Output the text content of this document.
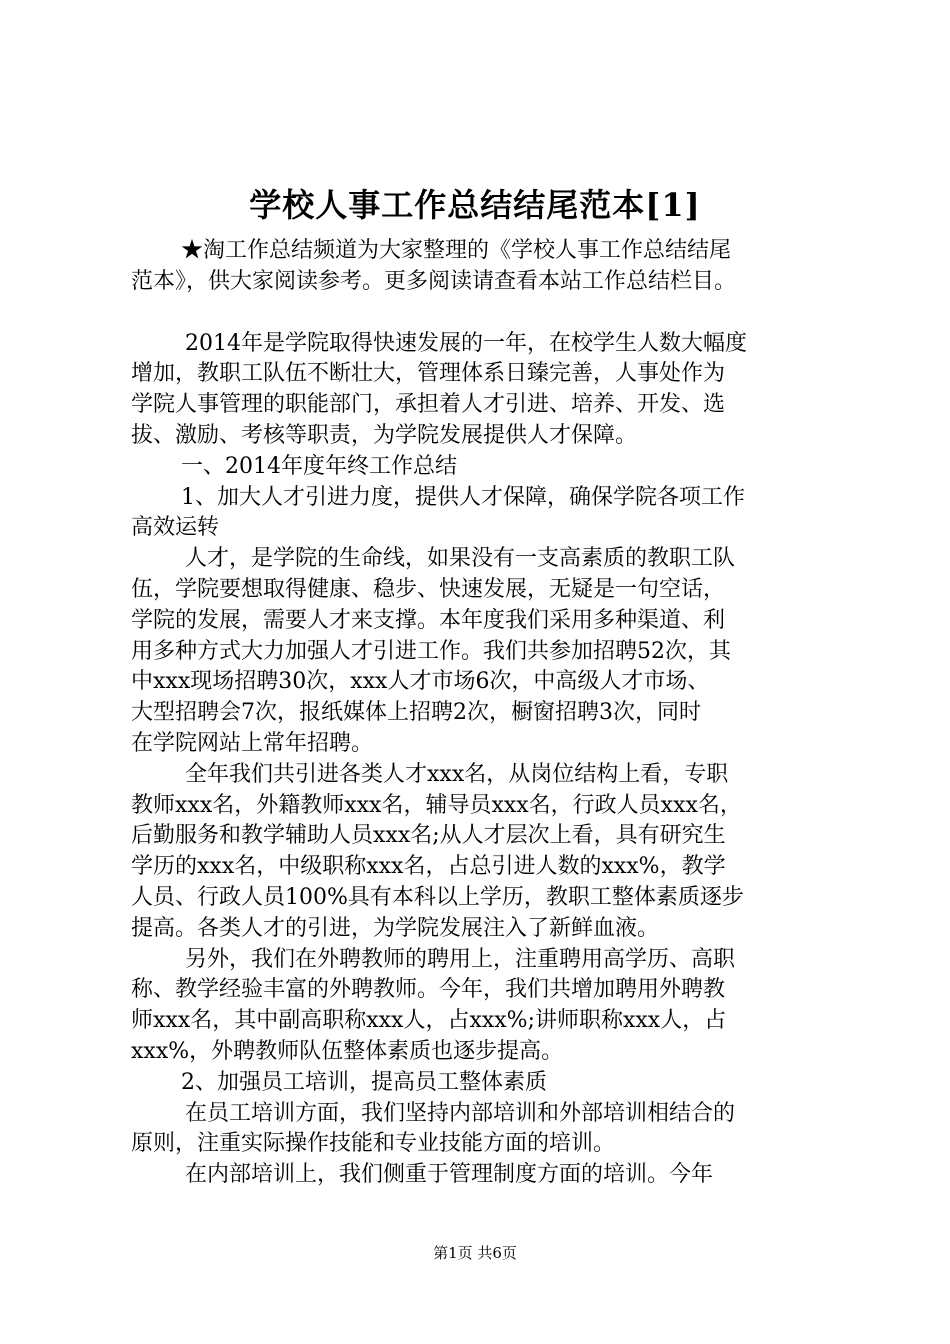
学校人事工作总结结尾范本[1]
★淘工作总结频道为大家整理的《学校人事工作总结结尾
范本》，供大家阅读参考。更多阅读请查看本站工作总结栏目。
2014年是学院取得快速发展的一年，在校学生人数大幅度
增加，教职工队伍不断壮大，管理体系日臻完善，人事处作为
学院人事管理的职能部门，承担着人才引进、培养、开发、选
拔、激励、考核等职责，为学院发展提供人才保障。
一、2014年度年终工作总结
1、加大人才引进力度，提供人才保障，确保学院各项工作
高效运转
人才，是学院的生命线，如果没有一支高素质的教职工队
伍，学院要想取得健康、稳步、快速发展，无疑是一句空话，
学院的发展，需要人才来支撑。本年度我们采用多种渠道、利
用多种方式大力加强人才引进工作。我们共参加招聘52次，其
中xxx现场招聘30次，xxx人才市场6次，中高级人才市场、
大型招聘会7次，报纸媒体上招聘2次，橱窗招聘3次，同时
在学院网站上常年招聘。
全年我们共引进各类人才xxx名，从岗位结构上看，专职
教师xxx名，外籍教师xxx名，辅导员xxx名，行政人员xxx名，
后勤服务和教学辅助人员xxx名;从人才层次上看，具有研究生
学历的xxx名，中级职称xxx名，占总引进人数的xxx%，教学
人员、行政人员100%具有本科以上学历，教职工整体素质逐步
提高。各类人才的引进，为学院发展注入了新鲜血液。
另外，我们在外聘教师的聘用上，注重聘用高学历、高职
称、教学经验丰富的外聘教师。今年，我们共增加聘用外聘教
师xxx名，其中副高职称xxx人，占xxx%;讲师职称xxx人，占
xxx%，外聘教师队伍整体素质也逐步提高。
2、加强员工培训，提高员工整体素质
在员工培训方面，我们坚持内部培训和外部培训相结合的
原则，注重实际操作技能和专业技能方面的培训。
在内部培训上，我们侧重于管理制度方面的培训。今年
第1页 共6页
